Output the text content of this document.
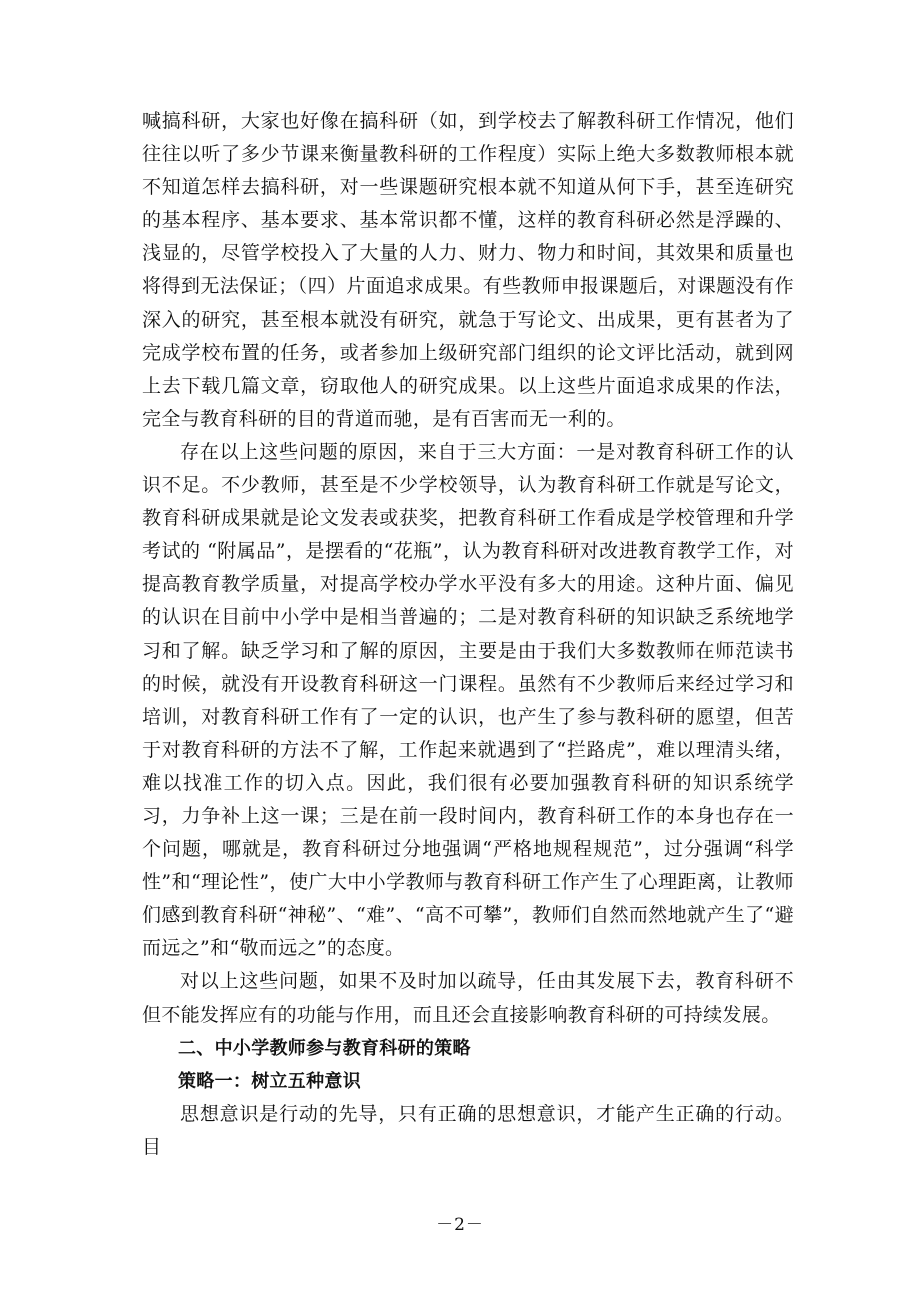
喊搞科研，大家也好像在搞科研（如，到学校去了解教科研工作情况，他们往往以听了多少节课来衡量教科研的工作程度）实际上绝大多数教师根本就不知道怎样去搞科研，对一些课题研究根本就不知道从何下手，甚至连研究的基本程序、基本要求、基本常识都不懂，这样的教育科研必然是浮躁的、浅显的，尽管学校投入了大量的人力、财力、物力和时间，其效果和质量也将得到无法保证；（四）片面追求成果。有些教师申报课题后，对课题没有作深入的研究，甚至根本就没有研究，就急于写论文、出成果，更有甚者为了完成学校布置的任务，或者参加上级研究部门组织的论文评比活动，就到网上去下载几篇文章，窃取他人的研究成果。以上这些片面追求成果的作法，完全与教育科研的目的背道而驰，是有百害而无一利的。

存在以上这些问题的原因，来自于三大方面：一是对教育科研工作的认识不足。不少教师，甚至是不少学校领导，认为教育科研工作就是写论文，教育科研成果就是论文发表或获奖，把教育科研工作看成是学校管理和升学考试的 “附属品”，是摆看的“花瓶”，认为教育科研对改进教育教学工作，对提高教育教学质量，对提高学校办学水平没有多大的用途。这种片面、偏见的认识在目前中小学中是相当普遍的；二是对教育科研的知识缺乏系统地学习和了解。缺乏学习和了解的原因，主要是由于我们大多数教师在师范读书的时候，就没有开设教育科研这一门课程。虽然有不少教师后来经过学习和培训，对教育科研工作有了一定的认识，也产生了参与教科研的愿望，但苦于对教育科研的方法不了解，工作起来就遇到了“拦路虎”，难以理清头绪，难以找准工作的切入点。因此，我们很有必要加强教育科研的知识系统学习，力争补上这一课；三是在前一段时间内，教育科研工作的本身也存在一个问题，哪就是，教育科研过分地强调“严格地规程规范”，过分强调“科学性”和“理论性”，使广大中小学教师与教育科研工作产生了心理距离，让教师们感到教育科研“神秘”、“难”、“高不可攀”，教师们自然而然地就产生了“避而远之”和“敬而远之”的态度。

对以上这些问题，如果不及时加以疏导，任由其发展下去，教育科研不但不能发挥应有的功能与作用，而且还会直接影响教育科研的可持续发展。

二、中小学教师参与教育科研的策略

策略一：树立五种意识

思想意识是行动的先导，只有正确的思想意识，才能产生正确的行动。 目

－2－
